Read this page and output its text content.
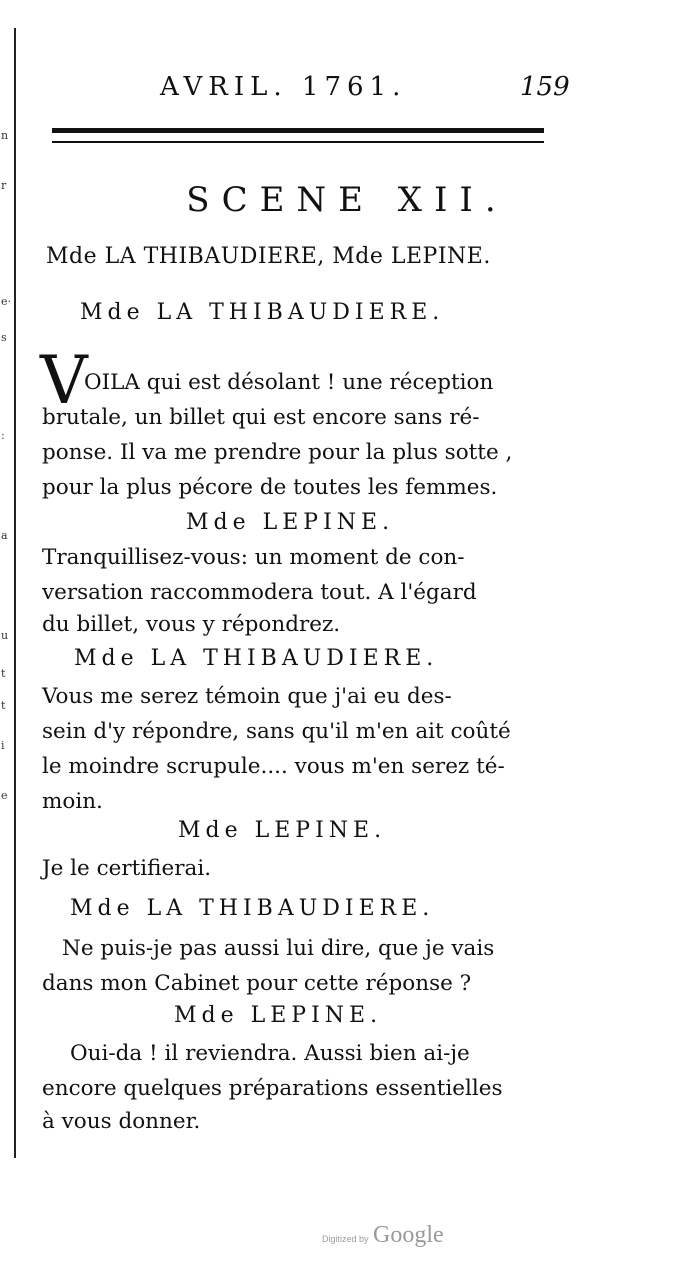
n
r
e·
s
:
a
u
t
t
i
e
AVRIL. 1761.	159
SCENE XII.
Mde LA THIBAUDIERE, Mde LEPINE.
Mde LA THIBAUDIERE.
V
OILA qui est désolant ! une réception
brutale, un billet qui est encore sans ré-
ponse. Il va me prendre pour la plus sotte ,
pour la plus pécore de toutes les femmes.
Mde LEPINE.
Tranquillisez-vous: un moment de con-
versation raccommodera tout. A l'égard
du billet, vous y répondrez.
Mde LA THIBAUDIERE.
Vous me serez témoin que j'ai eu des-
sein d'y répondre, sans qu'il m'en ait coûté
le moindre scrupule.... vous m'en serez té-
moin.
Mde LEPINE.
Je le certifierai.
Mde LA THIBAUDIERE.
Ne puis-je pas aussi lui dire, que je vais
dans mon Cabinet pour cette réponse ?
Mde LEPINE.
Oui-da ! il reviendra. Aussi bien ai-je
encore quelques préparations essentielles
à vous donner.
Digitized by Google
